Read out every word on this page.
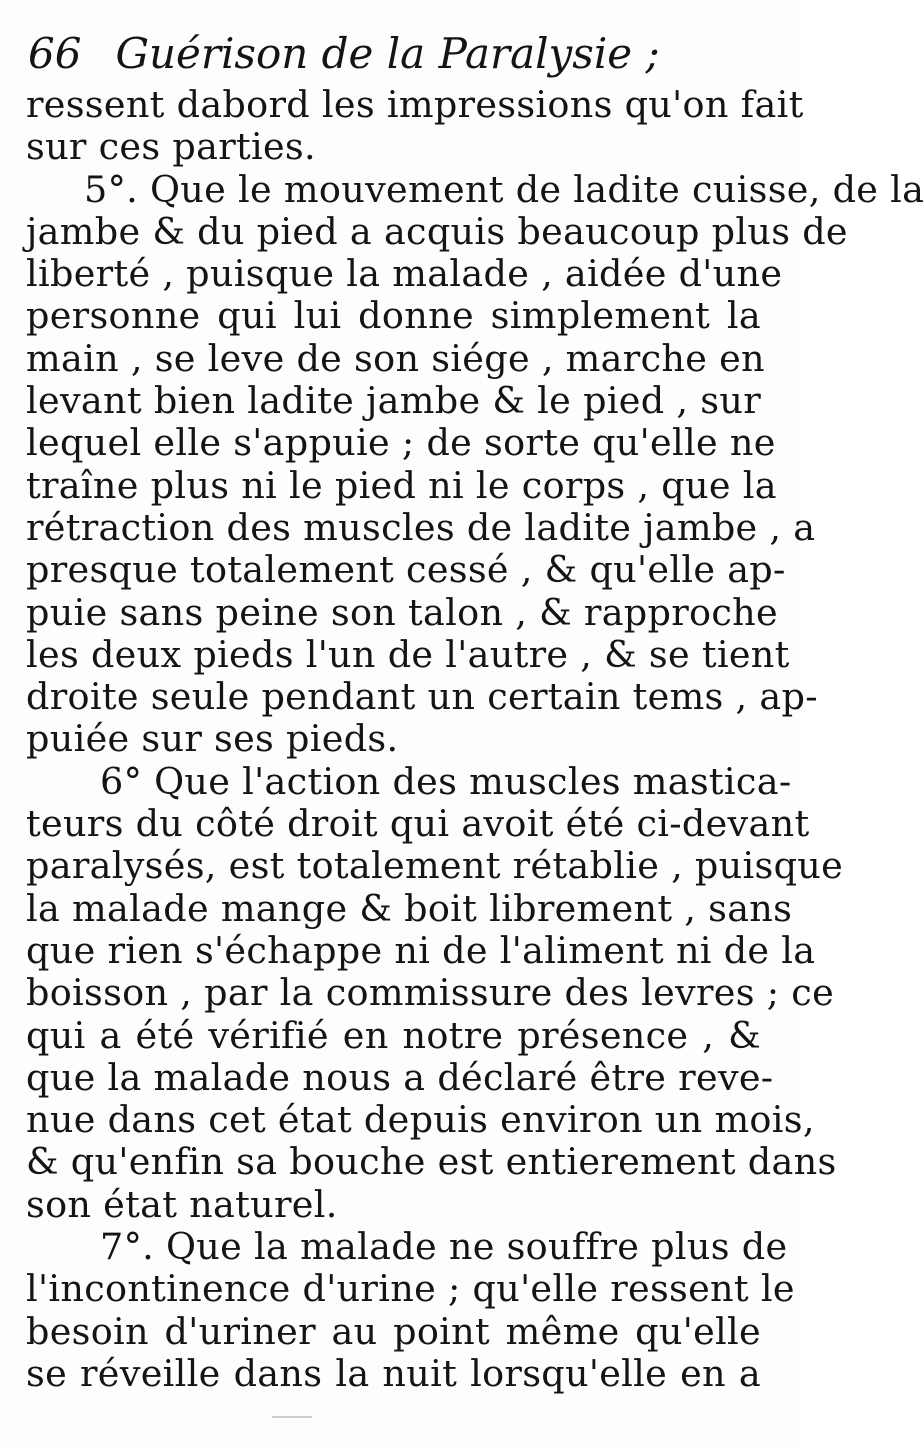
66 Guérison de la Paralysie ;
ressent dabord les impressions qu'on fait
sur ces parties.
5°. Que le mouvement de ladite cuisse, de la
jambe & du pied a acquis beaucoup plus de
liberté , puisque la malade , aidée d'une
personne qui lui donne simplement la
main , se leve de son siége , marche en
levant bien ladite jambe & le pied , sur
lequel elle s'appuie ; de sorte qu'elle ne
traîne plus ni le pied ni le corps , que la
rétraction des muscles de ladite jambe , a
presque totalement cessé , & qu'elle ap-
puie sans peine son talon , & rapproche
les deux pieds l'un de l'autre , & se tient
droite seule pendant un certain tems , ap-
puiée sur ses pieds.
6° Que l'action des muscles mastica-
teurs du côté droit qui avoit été ci-devant
paralysés, est totalement rétablie , puisque
la malade mange & boit librement , sans
que rien s'échappe ni de l'aliment ni de la
boisson , par la commissure des levres ; ce
qui a été vérifié en notre présence , &
que la malade nous a déclaré être reve-
nue dans cet état depuis environ un mois,
& qu'enfin sa bouche est entierement dans
son état naturel.
7°. Que la malade ne souffre plus de
l'incontinence d'urine ; qu'elle ressent le
besoin d'uriner au point même qu'elle
se réveille dans la nuit lorsqu'elle en a
